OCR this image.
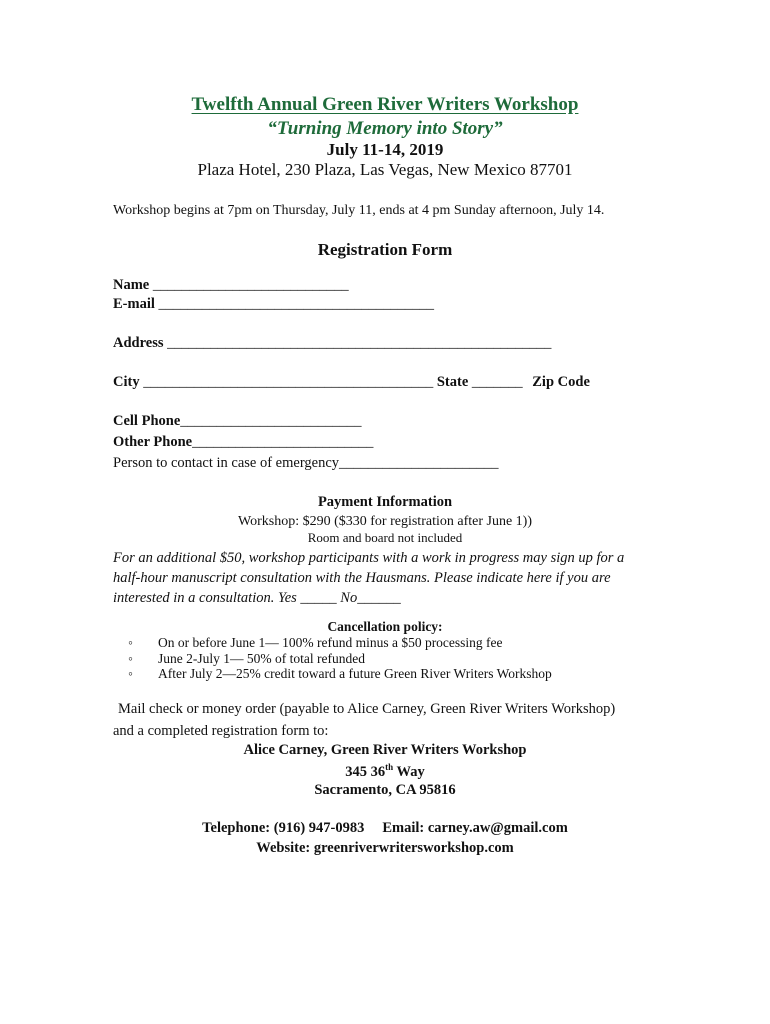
Twelfth Annual Green River Writers Workshop
“Turning Memory into Story”
July 11-14, 2019
Plaza Hotel, 230 Plaza, Las Vegas, New Mexico 87701
Workshop begins at 7pm on Thursday, July 11, ends at 4 pm Sunday afternoon, July 14.
Registration Form
Name ___________________________
E-mail ______________________________________
Address _____________________________________________________
City ________________________________________ State _______ Zip Code
Cell Phone_________________________
Other Phone_________________________
Person to contact in case of emergency______________________
Payment Information
Workshop: $290 ($330 for registration after June 1))
Room and board not included
For an additional $50, workshop participants with a work in progress may sign up for a
half-hour manuscript consultation with the Hausmans. Please indicate here if you are
interested in a consultation. Yes _____ No______
Cancellation policy:
◦ On or before June 1— 100% refund minus a $50 processing fee
◦ June 2-July 1— 50% of total refunded
◦ After July 2—25% credit toward a future Green River Writers Workshop
Mail check or money order (payable to Alice Carney, Green River Writers Workshop)
and a completed registration form to:
Alice Carney, Green River Writers Workshop
345 36th Way
Sacramento, CA 95816
Telephone: (916) 947-0983 Email: carney.aw@gmail.com
Website: greenriverwritersworkshop.com
